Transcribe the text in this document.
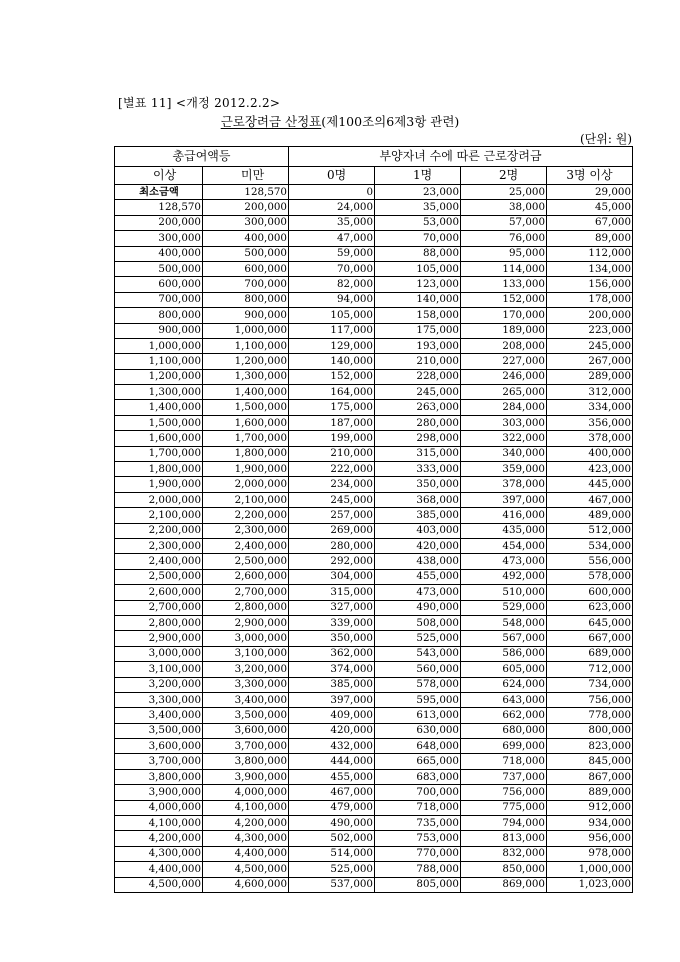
[별표 11] <개정 2012.2.2>
근로장려금 산정표(제100조의6제3항 관련)
(단위: 원)
총급여액등		부양자녀 수에 따른 근로장려금			
이상	미만	0명	1명	2명	3명 이상
최소금액	128,570	0	23,000	25,000	29,000
128,570	200,000	24,000	35,000	38,000	45,000
200,000	300,000	35,000	53,000	57,000	67,000
300,000	400,000	47,000	70,000	76,000	89,000
400,000	500,000	59,000	88,000	95,000	112,000
500,000	600,000	70,000	105,000	114,000	134,000
600,000	700,000	82,000	123,000	133,000	156,000
700,000	800,000	94,000	140,000	152,000	178,000
800,000	900,000	105,000	158,000	170,000	200,000
900,000	1,000,000	117,000	175,000	189,000	223,000
1,000,000	1,100,000	129,000	193,000	208,000	245,000
1,100,000	1,200,000	140,000	210,000	227,000	267,000
1,200,000	1,300,000	152,000	228,000	246,000	289,000
1,300,000	1,400,000	164,000	245,000	265,000	312,000
1,400,000	1,500,000	175,000	263,000	284,000	334,000
1,500,000	1,600,000	187,000	280,000	303,000	356,000
1,600,000	1,700,000	199,000	298,000	322,000	378,000
1,700,000	1,800,000	210,000	315,000	340,000	400,000
1,800,000	1,900,000	222,000	333,000	359,000	423,000
1,900,000	2,000,000	234,000	350,000	378,000	445,000
2,000,000	2,100,000	245,000	368,000	397,000	467,000
2,100,000	2,200,000	257,000	385,000	416,000	489,000
2,200,000	2,300,000	269,000	403,000	435,000	512,000
2,300,000	2,400,000	280,000	420,000	454,000	534,000
2,400,000	2,500,000	292,000	438,000	473,000	556,000
2,500,000	2,600,000	304,000	455,000	492,000	578,000
2,600,000	2,700,000	315,000	473,000	510,000	600,000
2,700,000	2,800,000	327,000	490,000	529,000	623,000
2,800,000	2,900,000	339,000	508,000	548,000	645,000
2,900,000	3,000,000	350,000	525,000	567,000	667,000
3,000,000	3,100,000	362,000	543,000	586,000	689,000
3,100,000	3,200,000	374,000	560,000	605,000	712,000
3,200,000	3,300,000	385,000	578,000	624,000	734,000
3,300,000	3,400,000	397,000	595,000	643,000	756,000
3,400,000	3,500,000	409,000	613,000	662,000	778,000
3,500,000	3,600,000	420,000	630,000	680,000	800,000
3,600,000	3,700,000	432,000	648,000	699,000	823,000
3,700,000	3,800,000	444,000	665,000	718,000	845,000
3,800,000	3,900,000	455,000	683,000	737,000	867,000
3,900,000	4,000,000	467,000	700,000	756,000	889,000
4,000,000	4,100,000	479,000	718,000	775,000	912,000
4,100,000	4,200,000	490,000	735,000	794,000	934,000
4,200,000	4,300,000	502,000	753,000	813,000	956,000
4,300,000	4,400,000	514,000	770,000	832,000	978,000
4,400,000	4,500,000	525,000	788,000	850,000	1,000,000
4,500,000	4,600,000	537,000	805,000	869,000	1,023,000
